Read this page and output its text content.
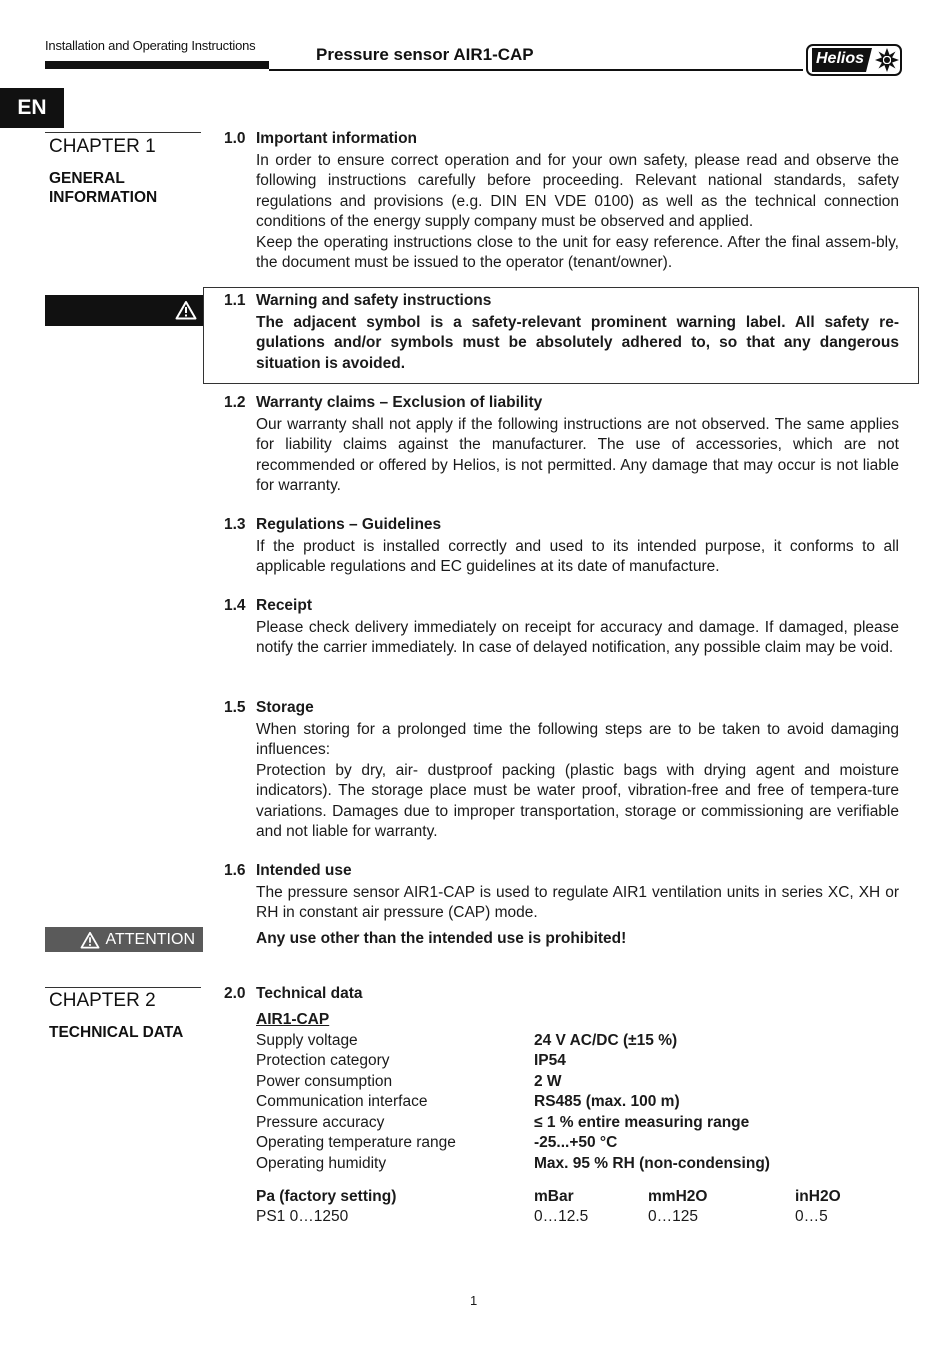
Installation and Operating Instructions	Pressure sensor AIR1-CAP	Helios
EN
CHAPTER 1
GENERAL
INFORMATION
1.0 Important information
In order to ensure correct operation and for your own safety, please read and observe the following instructions carefully before proceeding. Relevant national standards, safety regulations and provisions (e.g. DIN EN VDE 0100) as well as the technical connection conditions of the energy supply company must be observed and applied.
Keep the operating instructions close to the unit for easy reference. After the final assem-bly, the document must be issued to the operator (tenant/owner).
1.1 Warning and safety instructions
The adjacent symbol is a safety-relevant prominent warning label. All safety re-gulations and/or symbols must be absolutely adhered to, so that any dangerous situation is avoided.
1.2 Warranty claims – Exclusion of liability
Our warranty shall not apply if the following instructions are not observed. The same applies for liability claims against the manufacturer. The use of accessories, which are not recommended or offered by Helios, is not permitted. Any damage that may occur is not liable for warranty.
1.3 Regulations – Guidelines
If the product is installed correctly and used to its intended purpose, it conforms to all applicable regulations and EC guidelines at its date of manufacture.
1.4 Receipt
Please check delivery immediately on receipt for accuracy and damage. If damaged, please notify the carrier immediately. In case of delayed notification, any possible claim may be void.
1.5 Storage
When storing for a prolonged time the following steps are to be taken to avoid damaging influences:
Protection by dry, air- dustproof packing (plastic bags with drying agent and moisture indicators). The storage place must be water proof, vibration-free and free of tempera-ture variations. Damages due to improper transportation, storage or commissioning are verifiable and not liable for warranty.
1.6 Intended use
The pressure sensor AIR1-CAP is used to regulate AIR1 ventilation units in series XC, XH or RH in constant air pressure (CAP) mode.
ATTENTION	Any use other than the intended use is prohibited!
CHAPTER 2
TECHNICAL DATA
2.0 Technical data
AIR1-CAP
Supply voltage	24 V AC/DC (±15 %)
Protection category	IP54
Power consumption	2 W
Communication interface	RS485 (max. 100 m)
Pressure accuracy	≤ 1 % entire measuring range
Operating temperature range	-25...+50 °C
Operating humidity	Max. 95 % RH (non-condensing)
Pa (factory setting)	mBar	mmH2O	inH2O
PS1 0…1250	0…12.5	0…125	0…5
1
